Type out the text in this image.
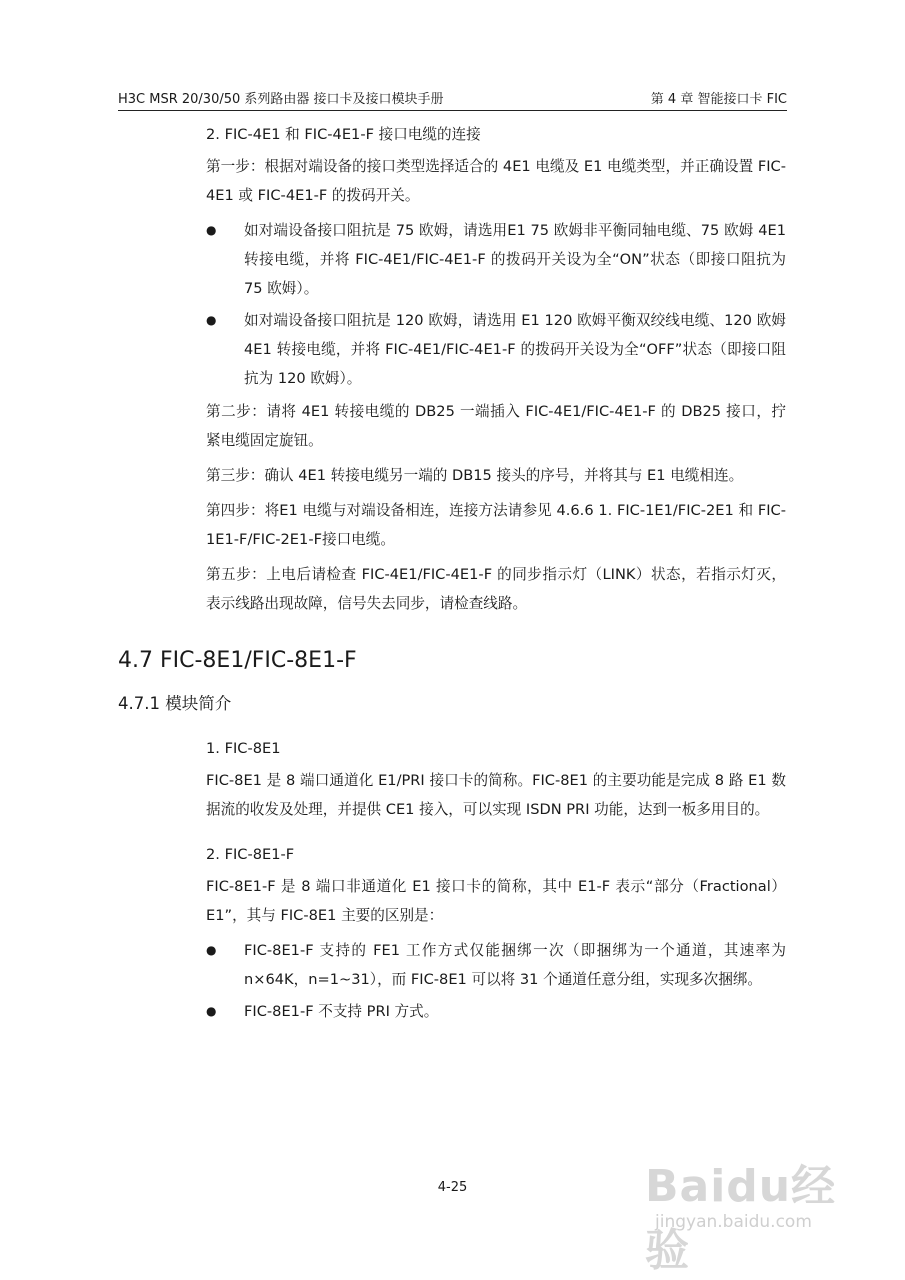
H3C MSR 20/30/50 系列路由器 接口卡及接口模块手册	第 4 章 智能接口卡 FIC
2. FIC-4E1 和 FIC-4E1-F 接口电缆的连接

第一步：根据对端设备的接口类型选择适合的 4E1 电缆及 E1 电缆类型，并正确设置 FIC-4E1 或 FIC-4E1-F 的拨码开关。

● 如对端设备接口阻抗是 75 欧姆，请选用E1 75 欧姆非平衡同轴电缆、75 欧姆 4E1 转接电缆，并将 FIC-4E1/FIC-4E1-F 的拨码开关设为全“ON”状态（即接口阻抗为 75 欧姆）。
● 如对端设备接口阻抗是 120 欧姆，请选用 E1 120 欧姆平衡双绞线电缆、120 欧姆 4E1 转接电缆，并将 FIC-4E1/FIC-4E1-F 的拨码开关设为全“OFF”状态（即接口阻抗为 120 欧姆）。

第二步：请将 4E1 转接电缆的 DB25 一端插入 FIC-4E1/FIC-4E1-F 的 DB25 接口，拧紧电缆固定旋钮。

第三步：确认 4E1 转接电缆另一端的 DB15 接头的序号，并将其与 E1 电缆相连。

第四步：将E1 电缆与对端设备相连，连接方法请参见 4.6.6 1. FIC-1E1/FIC-2E1 和 FIC-1E1-F/FIC-2E1-F接口电缆。

第五步：上电后请检查 FIC-4E1/FIC-4E1-F 的同步指示灯（LINK）状态，若指示灯灭，表示线路出现故障，信号失去同步，请检查线路。

4.7 FIC-8E1/FIC-8E1-F
4.7.1 模块简介
1. FIC-8E1

FIC-8E1 是 8 端口通道化 E1/PRI 接口卡的简称。FIC-8E1 的主要功能是完成 8 路 E1 数据流的收发及处理，并提供 CE1 接入，可以实现 ISDN PRI 功能，达到一板多用目的。

2. FIC-8E1-F

FIC-8E1-F 是 8 端口非通道化 E1 接口卡的简称，其中 E1-F 表示“部分（Fractional）E1”，其与 FIC-8E1 主要的区别是：

● FIC-8E1-F 支持的 FE1 工作方式仅能捆绑一次（即捆绑为一个通道，其速率为 n×64K，n=1~31），而 FIC-8E1 可以将 31 个通道任意分组，实现多次捆绑。
● FIC-8E1-F 不支持 PRI 方式。
4-25	Baidu经验
jingyan.baidu.com
